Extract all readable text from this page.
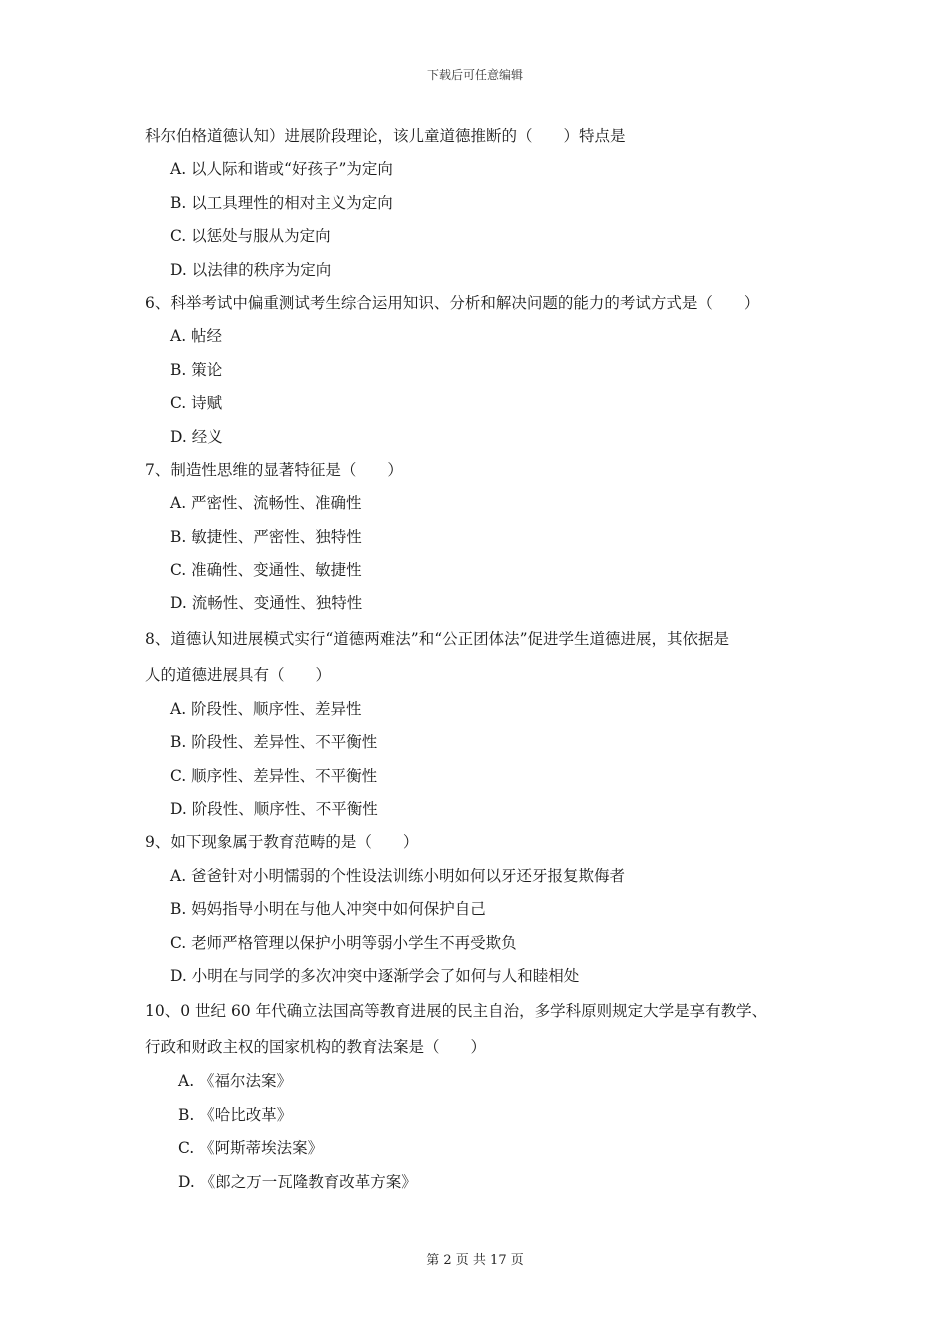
下载后可任意编辑
科尔伯格道德认知）进展阶段理论，该儿童道德推断的（　　）特点是
A. 以人际和谐或“好孩子”为定向
B. 以工具理性的相对主义为定向
C. 以惩处与服从为定向
D. 以法律的秩序为定向
6、科举考试中偏重测试考生综合运用知识、分析和解决问题的能力的考试方式是（　　）
A. 帖经
B. 策论
C. 诗赋
D. 经义
7、制造性思维的显著特征是（　　）
A. 严密性、流畅性、准确性
B. 敏捷性、严密性、独特性
C. 准确性、变通性、敏捷性
D. 流畅性、变通性、独特性
8、道德认知进展模式实行“道德两难法”和“公正团体法”促进学生道德进展，其依据是
人的道德进展具有（　　）
A. 阶段性、顺序性、差异性
B. 阶段性、差异性、不平衡性
C. 顺序性、差异性、不平衡性
D. 阶段性、顺序性、不平衡性
9、如下现象属于教育范畴的是（　　）
A. 爸爸针对小明懦弱的个性设法训练小明如何以牙还牙报复欺侮者
B. 妈妈指导小明在与他人冲突中如何保护自己
C. 老师严格管理以保护小明等弱小学生不再受欺负
D. 小明在与同学的多次冲突中逐渐学会了如何与人和睦相处
10、0 世纪 60 年代确立法国高等教育进展的民主自治，多学科原则规定大学是享有教学、
行政和财政主权的国家机构的教育法案是（　　）
A. 《福尔法案》
B. 《哈比改革》
C. 《阿斯蒂埃法案》
D. 《郎之万一瓦隆教育改革方案》
第 2 页 共 17 页
